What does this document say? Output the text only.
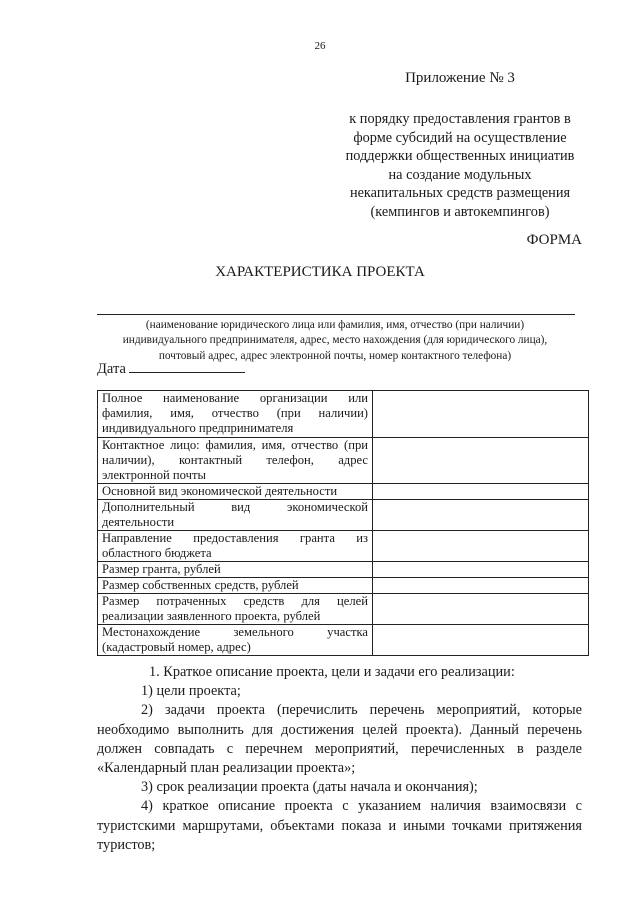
26
Приложение № 3
к порядку предоставления грантов в
форме субсидий на осуществление
поддержки общественных инициатив
на создание модульных
некапитальных средств размещения
(кемпингов и автокемпингов)
ФОРМА
ХАРАКТЕРИСТИКА ПРОЕКТА
(наименование юридического лица или фамилия, имя, отчество (при наличии)
индивидуального предпринимателя, адрес, место нахождения (для юридического лица),
почтовый адрес, адрес электронной почты, номер контактного телефона)
Дата
Полное наименование организации или фамилия, имя, отчество (при наличии) индивидуального предпринимателя	
Контактное лицо: фамилия, имя, отчество (при наличии), контактный телефон, адрес электронной почты	
Основной вид экономической деятельности	
Дополнительный вид экономической деятельности	
Направление предоставления гранта из областного бюджета	
Размер гранта, рублей	
Размер собственных средств, рублей	
Размер потраченных средств для целей реализации заявленного проекта, рублей	
Местонахождение земельного участка (кадастровый номер, адрес)	

1. Краткое описание проекта, цели и задачи его реализации:

1) цели проекта;

2) задачи проекта (перечислить перечень мероприятий, которые необходимо выполнить для достижения целей проекта). Данный перечень должен совпадать с перечнем мероприятий, перечисленных в разделе «Календарный план реализации проекта»;

3) срок реализации проекта (даты начала и окончания);

4) краткое описание проекта с указанием наличия взаимосвязи с туристскими маршрутами, объектами показа и иными точками притяжения туристов;
